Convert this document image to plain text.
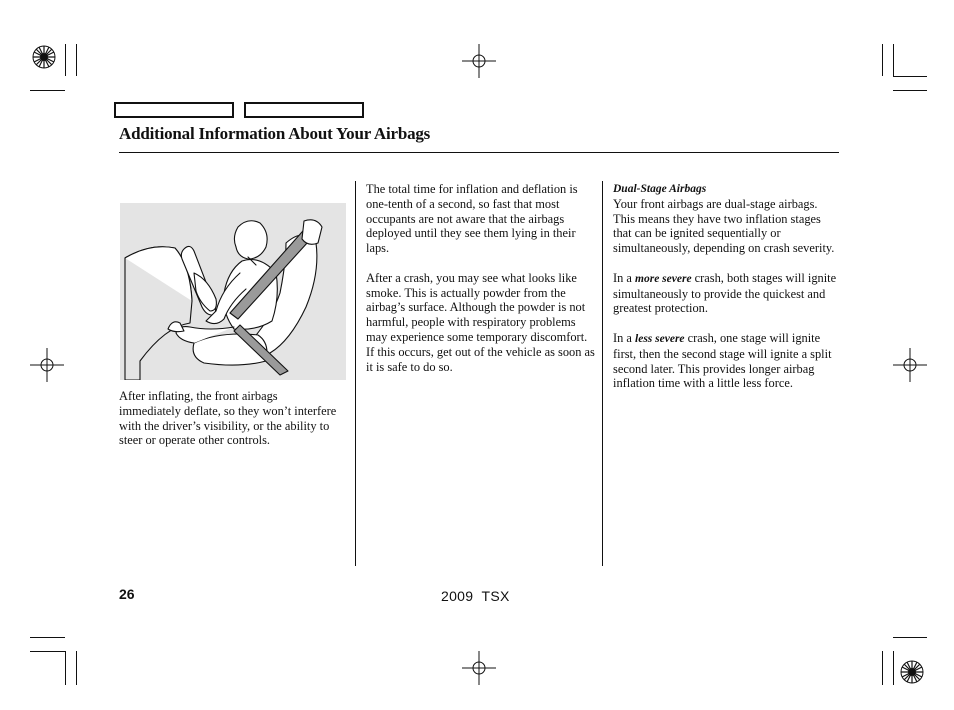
Additional Information About Your Airbags

After inflating, the front airbags immediately deflate, so they won’t interfere with the driver’s visibility, or the ability to steer or operate other controls.

The total time for inflation and deflation is one-tenth of a second, so fast that most occupants are not aware that the airbags deployed until they see them lying in their laps.

After a crash, you may see what looks like smoke. This is actually powder from the airbag’s surface. Although the powder is not harmful, people with respiratory problems may experience some temporary discomfort. If this occurs, get out of the vehicle as soon as it is safe to do so.

Dual-Stage Airbags

Your front airbags are dual-stage airbags. This means they have two inflation stages that can be ignited sequentially or simultaneously, depending on crash severity.

In a more severe crash, both stages will ignite simultaneously to provide the quickest and greatest protection.

In a less severe crash, one stage will ignite first, then the second stage will ignite a split second later. This provides longer airbag inflation time with a little less force.

26	2009  TSX
